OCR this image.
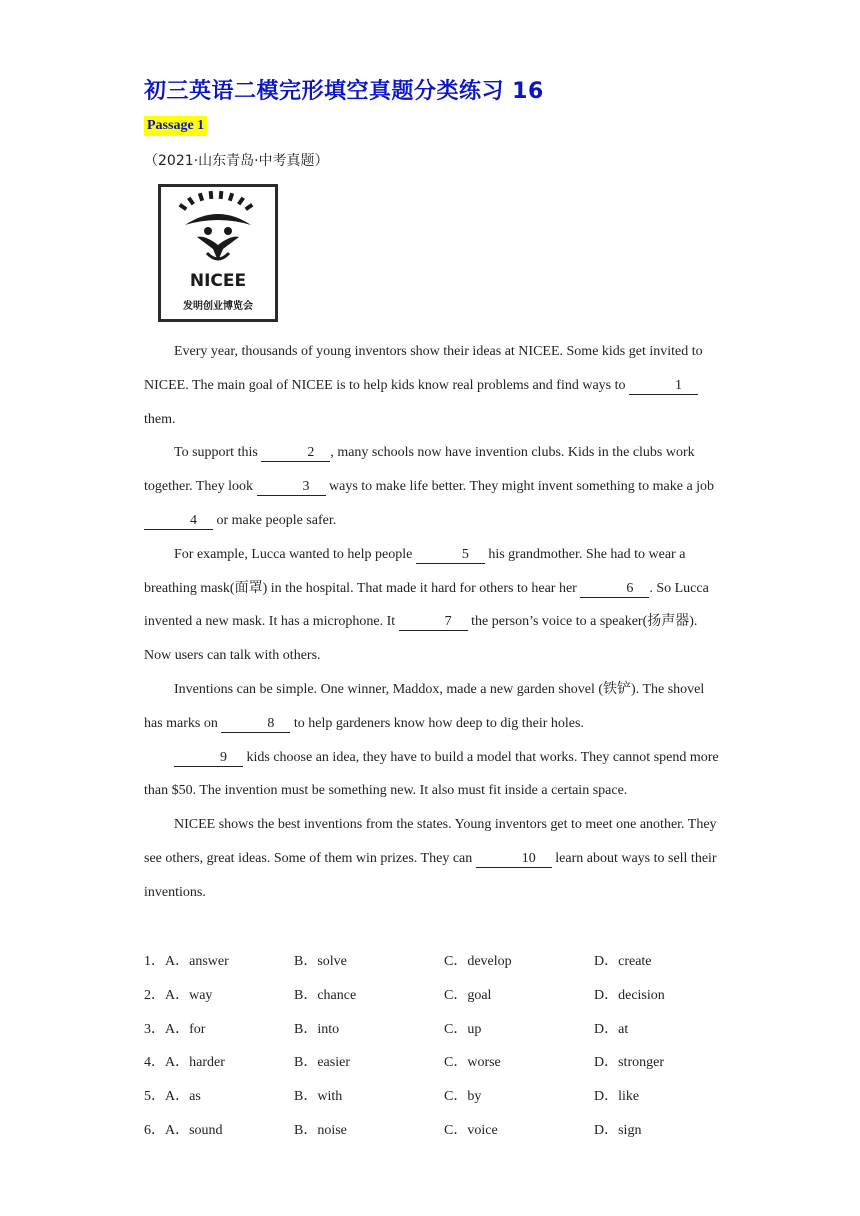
初三英语二模完形填空真题分类练习 16
Passage 1
（2021·山东青岛·中考真题）
NICEE
发明创业博览会

Every year, thousands of young inventors show their ideas at NICEE. Some kids get invited to NICEE. The main goal of NICEE is to help kids know real problems and find ways to	1 them.

To support this	2 , many schools now have invention clubs. Kids in the clubs work together. They look	3 ways to make life better. They might invent something to make a job 4 or make people safer.

For example, Lucca wanted to help people	5 his grandmother. She had to wear a breathing mask(面罩) in the hospital. That made it hard for others to hear her	6 . So Lucca invented a new mask. It has a microphone. It	7 the person’s voice to a speaker(扬声器). Now users can talk with others.

Inventions can be simple. One winner, Maddox, made a new garden shovel (铁铲). The shovel has marks on	8 to help gardeners know how deep to dig their holes.

9 kids choose an idea, they have to build a model that works. They cannot spend more than $50. The invention must be something new. It also must fit inside a certain space.

NICEE shows the best inventions from the states. Young inventors get to meet one another. They see others, great ideas. Some of them win prizes. They can	10 learn about ways to sell their inventions.

1．A．answer	B．solve	C．develop	D．create
2．A．way	B．chance	C．goal	D．decision
3．A．for	B．into	C．up	D．at
4．A．harder	B．easier	C．worse	D．stronger
5．A．as	B．with	C．by	D．like
6．A．sound	B．noise	C．voice	D．sign
